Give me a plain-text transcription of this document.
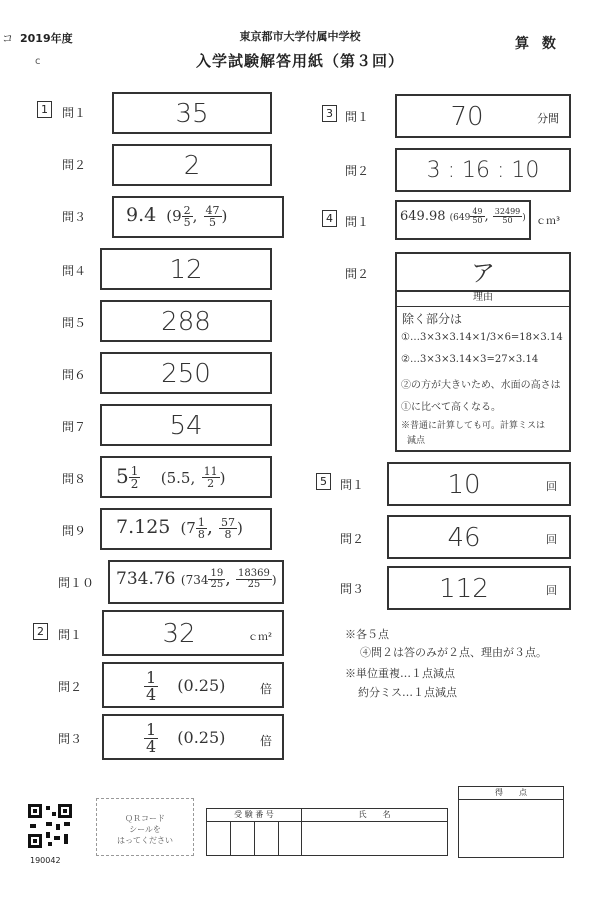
コ 2019年度
c
東京都市大学付属中学校
入学試験解答用紙（第３回）
算 数
1	問１	35
問２	2
問３ 9.4 ($9 \frac{2}{5}$ , $\frac{47}{5}$ )
問４	12
問５	288
問６	250
問７	54
問８ $5 \frac{1}{2} (5.5$, $\frac{11}{2}$ )
問９ 7.125 ($7 \frac{1}{8}$ , $\frac{57}{8}$ )
問１０ 734.76 ($734 \frac{19}{25}$ , $\frac{18369}{25}$ )
2	問１	32	ｃｍ²
問２	$\frac{1}{4} (0.25)$	倍
問３	$\frac{1}{4} (0.25)$	倍
3	問１	70	分間
問２	3 : 16 : 10
4	問１ 649.98 ($649 \frac{49}{50}$ , $\frac{32499}{50}$ ) ｃｍ³
問２	ア
理由
除く部分は
①…3×3×3.14×1/3×6=18×3.14
②…3×3×3.14×3=27×3.14
②の方が大きいため、水面の高さは
①に比べて高くなる。
※普通に計算しても可。計算ミスは
減点
5	問１	10	回
問２	46	回
問３	112	回
※各５点
④問２は答のみが２点、理由が３点。
※単位重複…１点減点
約分ミス…１点減点
190042
ＱＲコード
シールを
はってください
受 験 番 号	氏　　名
得　　点
